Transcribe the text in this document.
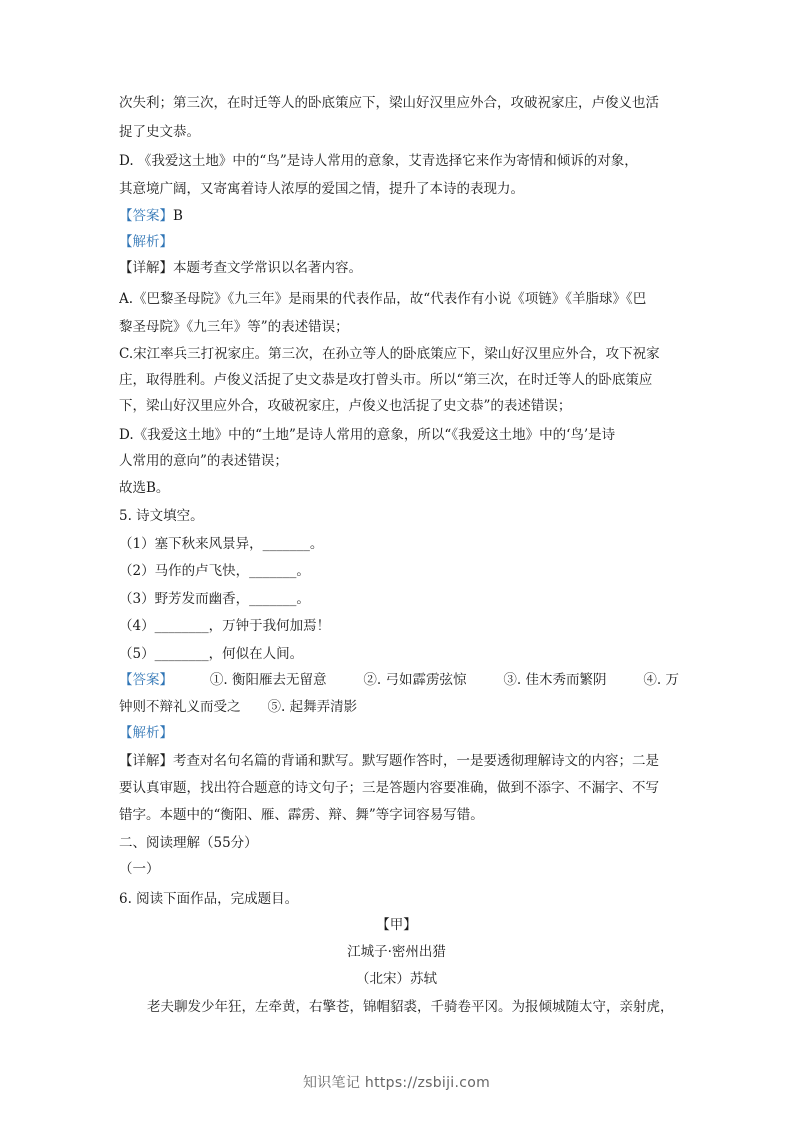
次失利；第三次，在时迁等人的卧底策应下，梁山好汉里应外合，攻破祝家庄，卢俊义也活
捉了史文恭。
D. 《我爱这土地》中的“鸟”是诗人常用的意象，艾青选择它来作为寄情和倾诉的对象，
其意境广阔，又寄寓着诗人浓厚的爱国之情，提升了本诗的表现力。
【答案】B
【解析】
【详解】本题考查文学常识以名著内容。
A.《巴黎圣母院》《九三年》是雨果的代表作品，故“代表作有小说《项链》《羊脂球》《巴
黎圣母院》《九三年》等”的表述错误；
C.宋江率兵三打祝家庄。第三次，在孙立等人的卧底策应下，梁山好汉里应外合，攻下祝家
庄，取得胜利。卢俊义活捉了史文恭是攻打曾头市。所以“第三次，在时迁等人的卧底策应
下，梁山好汉里应外合，攻破祝家庄，卢俊义也活捉了史文恭”的表述错误；
D.《我爱这土地》中的“土地”是诗人常用的意象，所以“《我爱这土地》中的‘鸟’是诗
人常用的意向”的表述错误；
故选B。
5. 诗文填空。
（1）塞下秋来风景异，_______。
（2）马作的卢飞快，_______。
（3）野芳发而幽香，_______。
（4）________，万钟于我何加焉！
（5）________，何似在人间。
【答案】	①. 衡阳雁去无留意	②. 弓如霹雳弦惊	③. 佳木秀而繁阴	④. 万
钟则不辩礼义而受之　　⑤. 起舞弄清影
【解析】
【详解】考查对名句名篇的背诵和默写。默写题作答时，一是要透彻理解诗文的内容；二是
要认真审题，找出符合题意的诗文句子；三是答题内容要准确，做到不添字、不漏字、不写
错字。本题中的“衡阳、雁、霹雳、辩、舞”等字词容易写错。
二、阅读理解（55分）
（一）
6. 阅读下面作品，完成题目。
【甲】
江城子·密州出猎
（北宋）苏轼
老夫聊发少年狂，左牵黄，右擎苍，锦帽貂裘，千骑卷平冈。为报倾城随太守，亲射虎，
知识笔记 https://zsbiji.com
